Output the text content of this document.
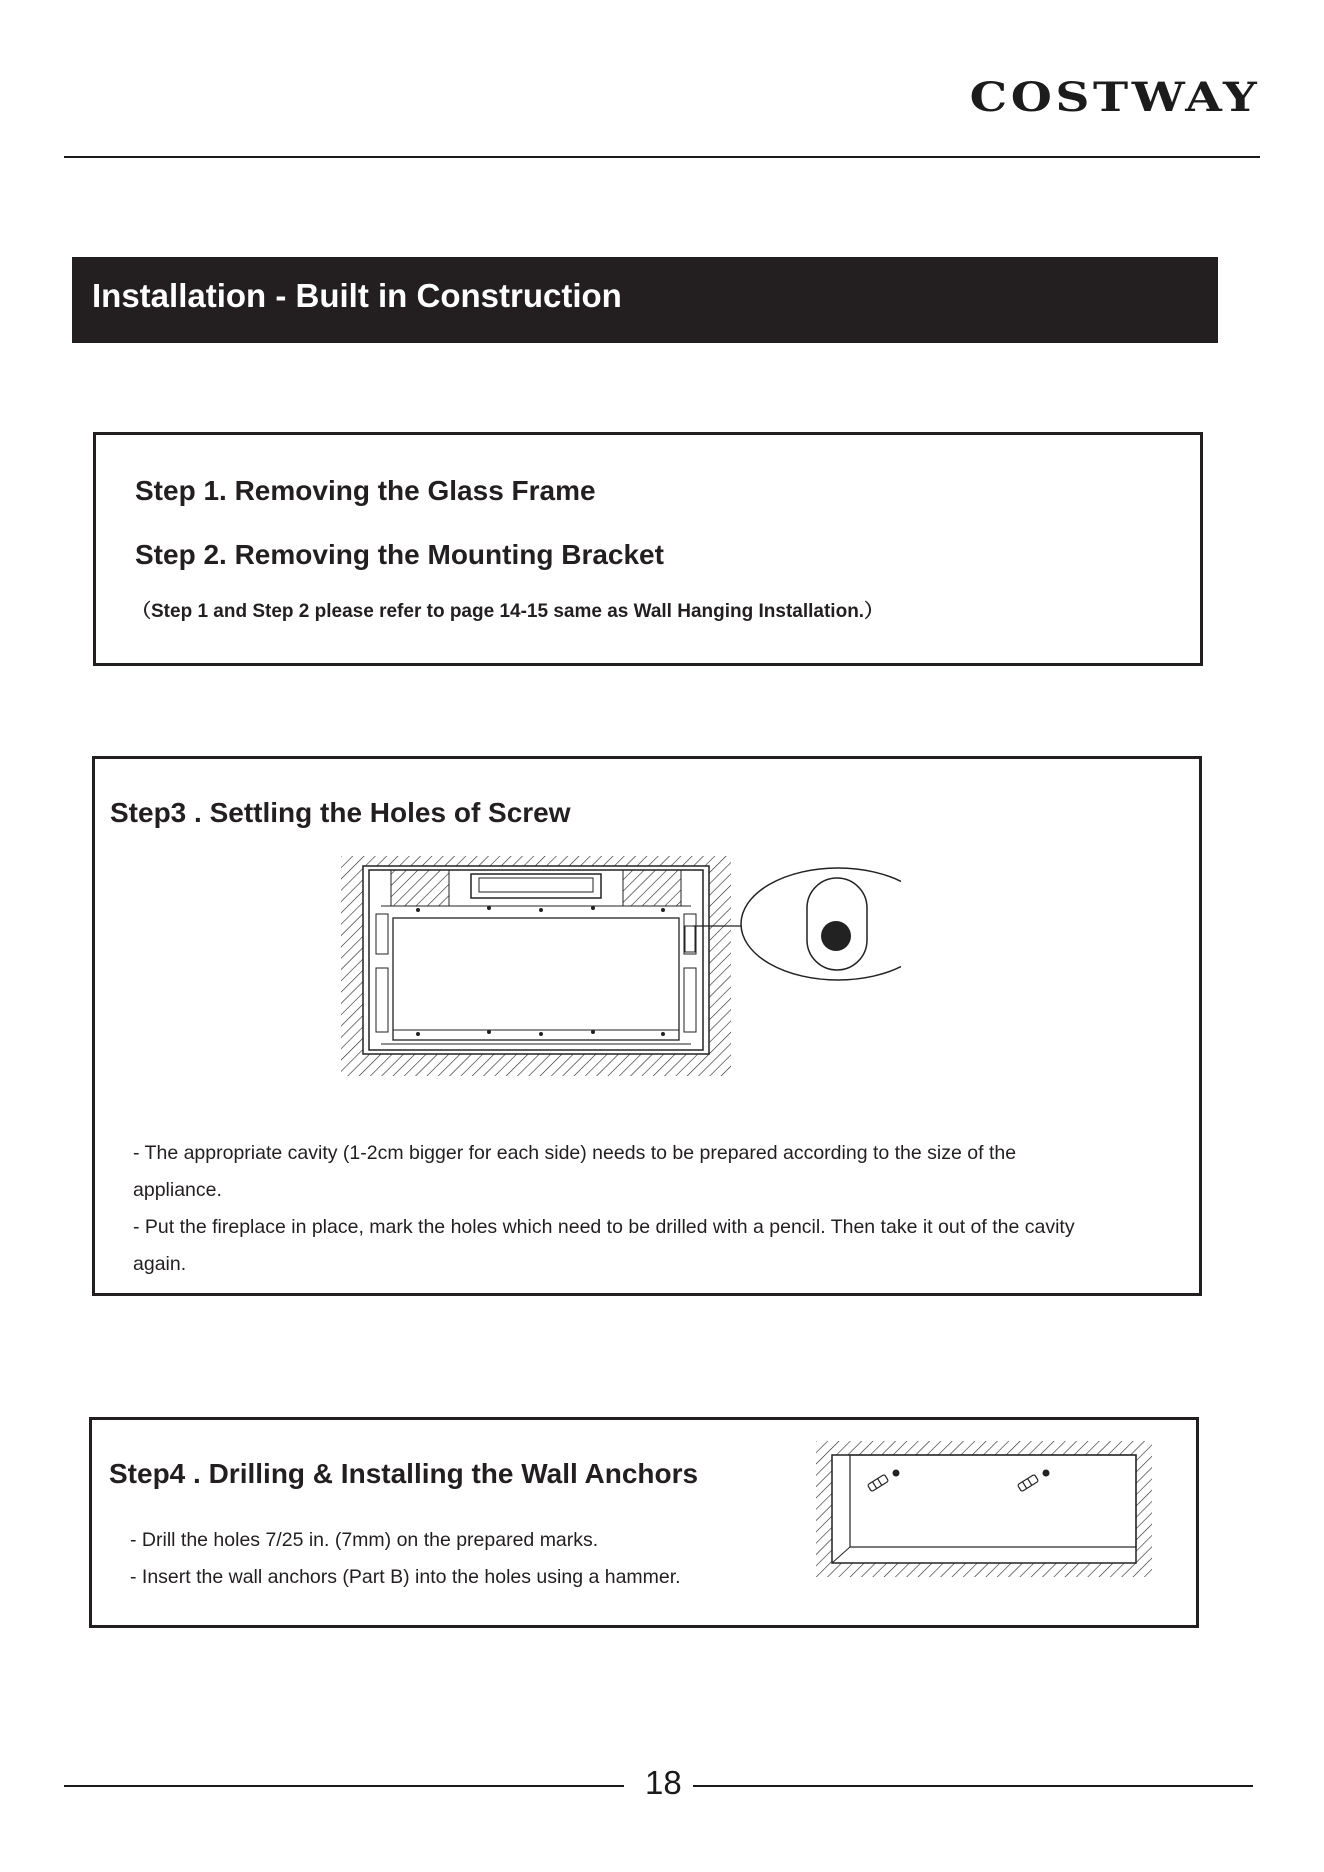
COSTWAY
Installation - Built in Construction
Step 1. Removing the Glass Frame
Step 2. Removing the Mounting Bracket
（Step 1 and Step 2 please refer to page 14-15 same as Wall Hanging Installation.）
Step3 . Settling the Holes of Screw
- The appropriate cavity (1-2cm bigger for each side) needs to be prepared according to the size of the
appliance.
- Put the fireplace in place, mark the holes which need to be drilled with a pencil. Then take it out of the cavity
again.
Step4 . Drilling & Installing the Wall Anchors
- Drill the holes 7/25 in. (7mm) on the prepared marks.
- Insert the wall anchors (Part B) into the holes using a hammer.
18
